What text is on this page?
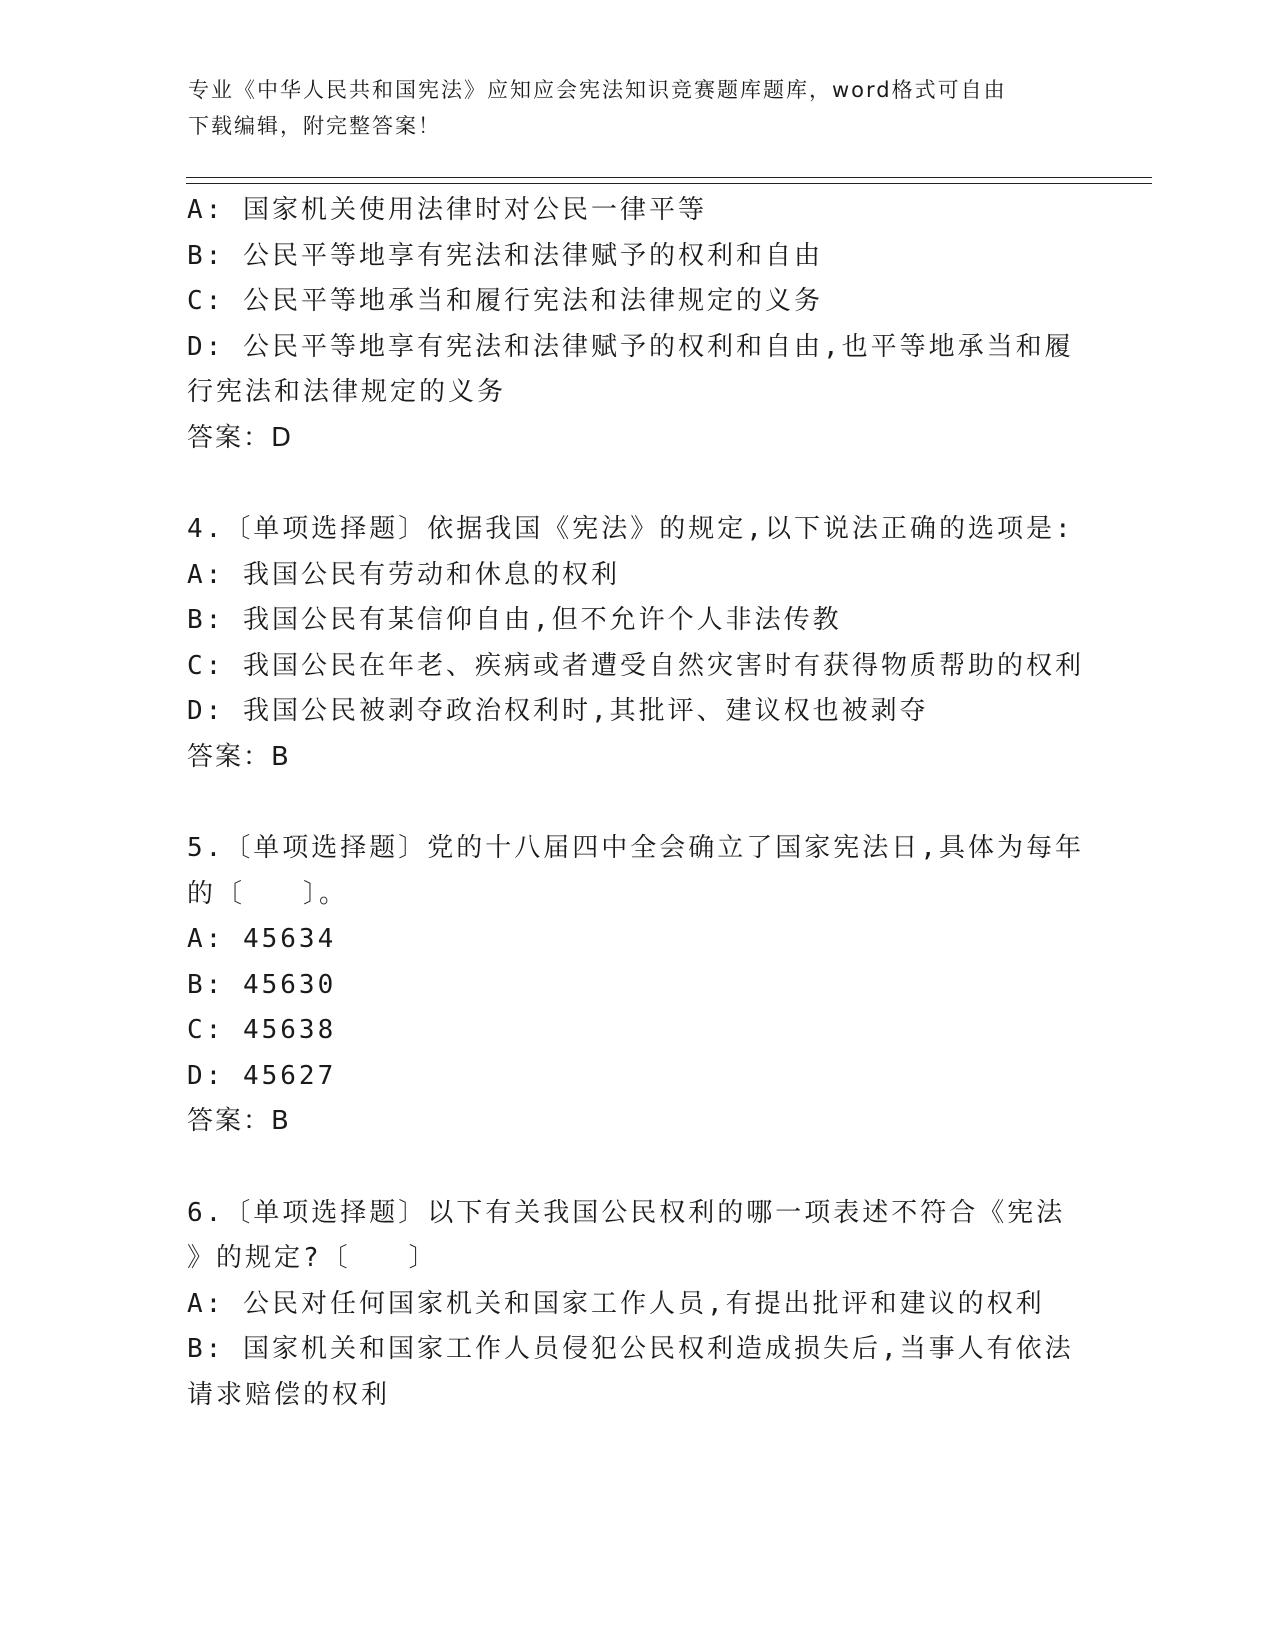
专业《中华人民共和国宪法》应知应会宪法知识竞赛题库题库，word格式可自由
下载编辑，附完整答案！
A: 国家机关使用法律时对公民一律平等
B: 公民平等地享有宪法和法律赋予的权利和自由
C: 公民平等地承当和履行宪法和法律规定的义务
D: 公民平等地享有宪法和法律赋予的权利和自由,也平等地承当和履
行宪法和法律规定的义务
答案：D
4.〔单项选择题〕依据我国《宪法》的规定,以下说法正确的选项是:
A: 我国公民有劳动和休息的权利
B: 我国公民有某信仰自由,但不允许个人非法传教
C: 我国公民在年老、疾病或者遭受自然灾害时有获得物质帮助的权利
D: 我国公民被剥夺政治权利时,其批评、建议权也被剥夺
答案：B
5.〔单项选择题〕党的十八届四中全会确立了国家宪法日,具体为每年
的〔　　〕。
A: 45634
B: 45630
C: 45638
D: 45627
答案：B
6.〔单项选择题〕以下有关我国公民权利的哪一项表述不符合《宪法
》的规定?〔　　〕
A: 公民对任何国家机关和国家工作人员,有提出批评和建议的权利
B: 国家机关和国家工作人员侵犯公民权利造成损失后,当事人有依法
请求赔偿的权利
